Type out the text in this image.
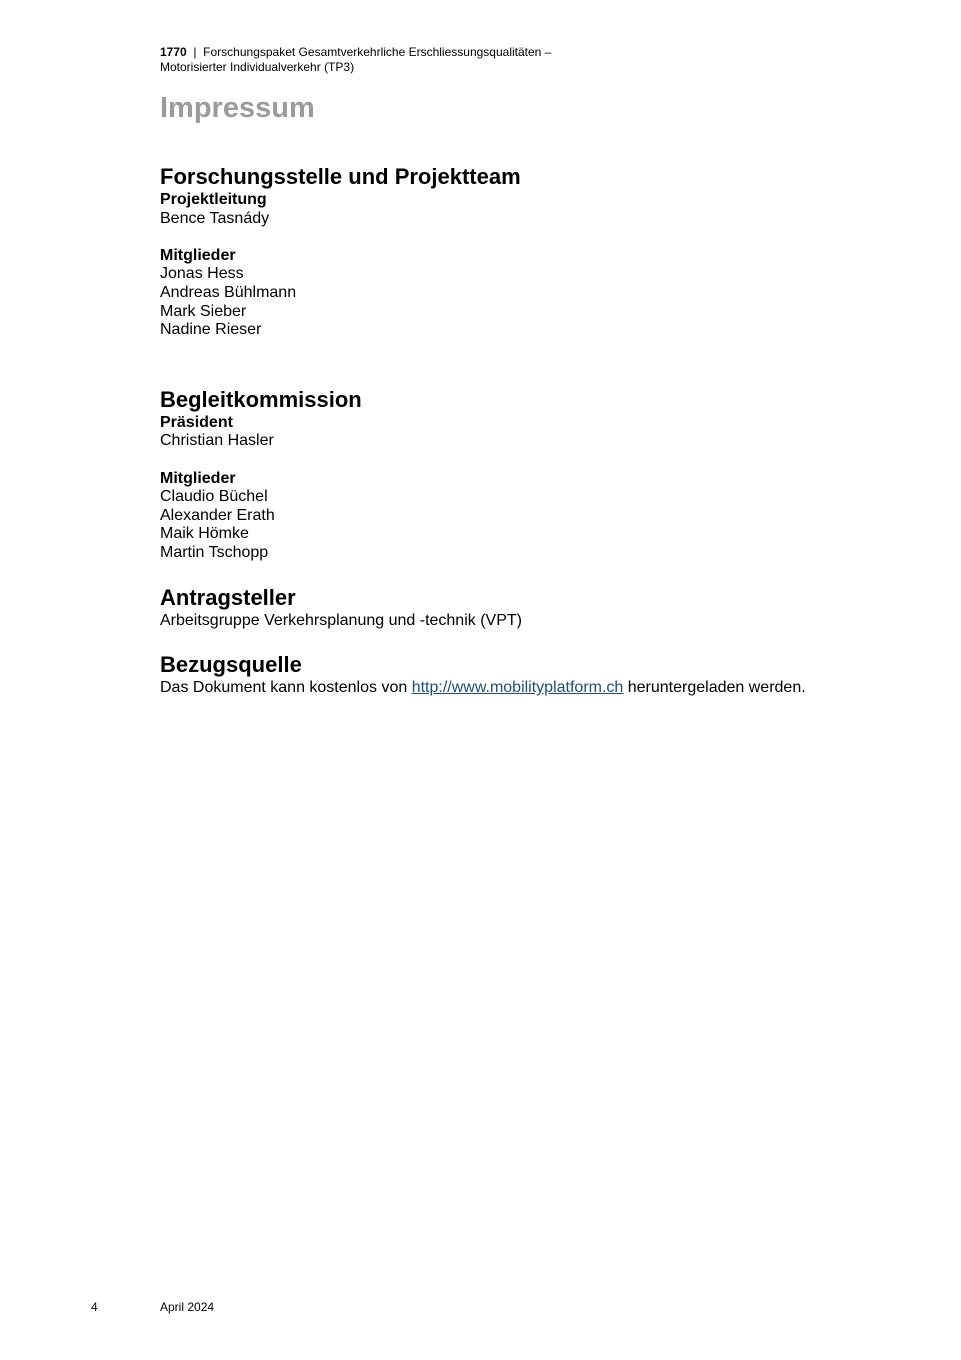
1770 | Forschungspaket Gesamtverkehrliche Erschliessungsqualitäten –
Motorisierter Individualverkehr (TP3)
Impressum
Forschungsstelle und Projektteam
Projektleitung

Bence Tasnády

Mitglieder

Jonas Hess

Andreas Bühlmann

Mark Sieber

Nadine Rieser

Begleitkommission
Präsident

Christian Hasler

Mitglieder

Claudio Büchel

Alexander Erath

Maik Hömke

Martin Tschopp

Antragsteller

Arbeitsgruppe Verkehrsplanung und -technik (VPT)

Bezugsquelle

Das Dokument kann kostenlos von http://www.mobilityplatform.ch heruntergeladen werden.

4	April 2024
